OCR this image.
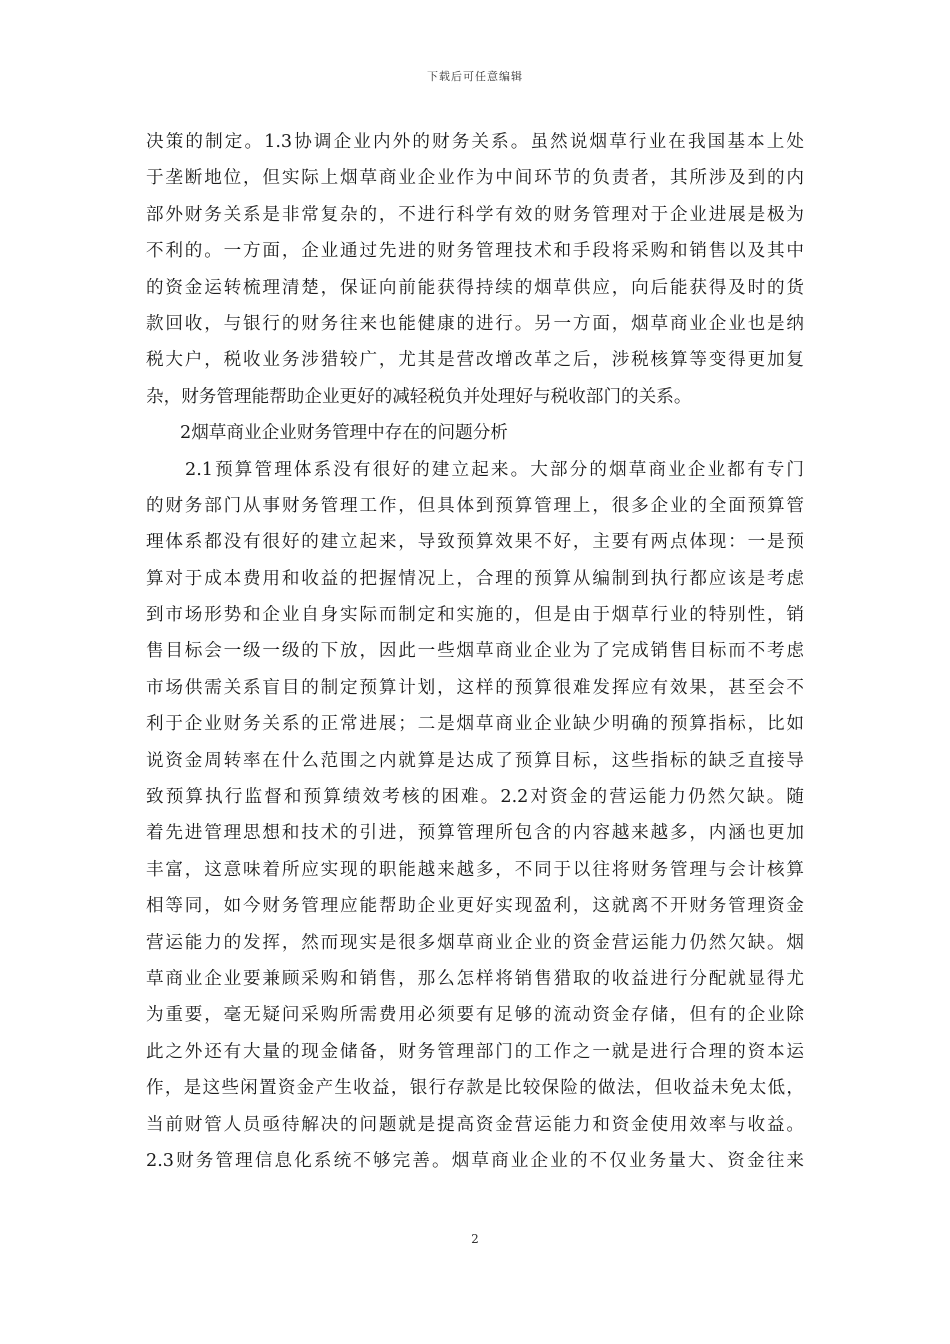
下载后可任意编辑
决策的制定。1.3协调企业内外的财务关系。虽然说烟草行业在我国基本上处
于垄断地位，但实际上烟草商业企业作为中间环节的负责者，其所涉及到的内
部外财务关系是非常复杂的，不进行科学有效的财务管理对于企业进展是极为
不利的。一方面，企业通过先进的财务管理技术和手段将采购和销售以及其中
的资金运转梳理清楚，保证向前能获得持续的烟草供应，向后能获得及时的货
款回收，与银行的财务往来也能健康的进行。另一方面，烟草商业企业也是纳
税大户，税收业务涉猎较广，尤其是营改增改革之后，涉税核算等变得更加复
杂，财务管理能帮助企业更好的减轻税负并处理好与税收部门的关系。
2烟草商业企业财务管理中存在的问题分析
2.1预算管理体系没有很好的建立起来。大部分的烟草商业企业都有专门
的财务部门从事财务管理工作，但具体到预算管理上，很多企业的全面预算管
理体系都没有很好的建立起来，导致预算效果不好，主要有两点体现：一是预
算对于成本费用和收益的把握情况上，合理的预算从编制到执行都应该是考虑
到市场形势和企业自身实际而制定和实施的，但是由于烟草行业的特别性，销
售目标会一级一级的下放，因此一些烟草商业企业为了完成销售目标而不考虑
市场供需关系盲目的制定预算计划，这样的预算很难发挥应有效果，甚至会不
利于企业财务关系的正常进展；二是烟草商业企业缺少明确的预算指标，比如
说资金周转率在什么范围之内就算是达成了预算目标，这些指标的缺乏直接导
致预算执行监督和预算绩效考核的困难。2.2对资金的营运能力仍然欠缺。随
着先进管理思想和技术的引进，预算管理所包含的内容越来越多，内涵也更加
丰富，这意味着所应实现的职能越来越多，不同于以往将财务管理与会计核算
相等同，如今财务管理应能帮助企业更好实现盈利，这就离不开财务管理资金
营运能力的发挥，然而现实是很多烟草商业企业的资金营运能力仍然欠缺。烟
草商业企业要兼顾采购和销售，那么怎样将销售猎取的收益进行分配就显得尤
为重要，毫无疑问采购所需费用必须要有足够的流动资金存储，但有的企业除
此之外还有大量的现金储备，财务管理部门的工作之一就是进行合理的资本运
作，是这些闲置资金产生收益，银行存款是比较保险的做法，但收益未免太低，
当前财管人员亟待解决的问题就是提高资金营运能力和资金使用效率与收益。
2.3财务管理信息化系统不够完善。烟草商业企业的不仅业务量大、资金往来
2
